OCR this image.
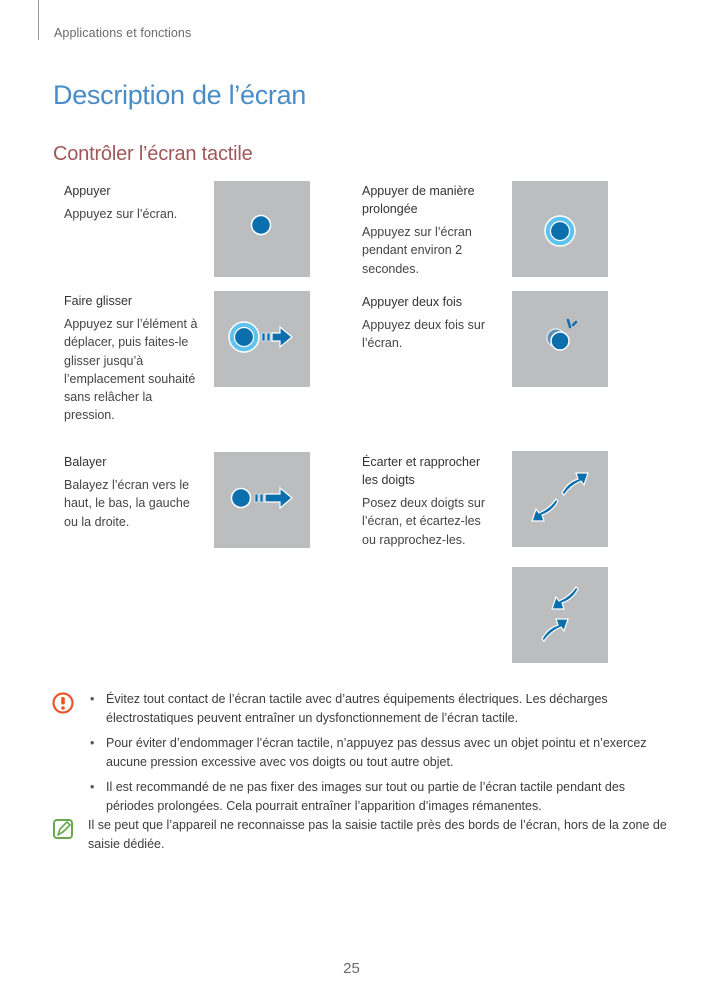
Applications et fonctions
Description de l’écran
Contrôler l’écran tactile
Appuyer
Appuyez sur l’écran.
Appuyer de manière prolongée
Appuyez sur l’écran pendant environ 2 secondes.
Faire glisser
Appuyez sur l’élément à déplacer, puis faites-le glisser jusqu’à l’emplacement souhaité sans relâcher la pression.
Appuyer deux fois
Appuyez deux fois sur l’écran.
Balayer
Balayez l’écran vers le haut, le bas, la gauche ou la droite.
Écarter et rapprocher les doigts
Posez deux doigts sur l’écran, et écartez-les ou rapprochez-les.
• Évitez tout contact de l’écran tactile avec d’autres équipements électriques. Les décharges électrostatiques peuvent entraîner un dysfonctionnement de l’écran tactile.
• Pour éviter d’endommager l’écran tactile, n’appuyez pas dessus avec un objet pointu et n’exercez aucune pression excessive avec vos doigts ou tout autre objet.
• Il est recommandé de ne pas fixer des images sur tout ou partie de l’écran tactile pendant des périodes prolongées. Cela pourrait entraîner l’apparition d’images rémanentes.
Il se peut que l’appareil ne reconnaisse pas la saisie tactile près des bords de l’écran, hors de la zone de saisie dédiée.
25
